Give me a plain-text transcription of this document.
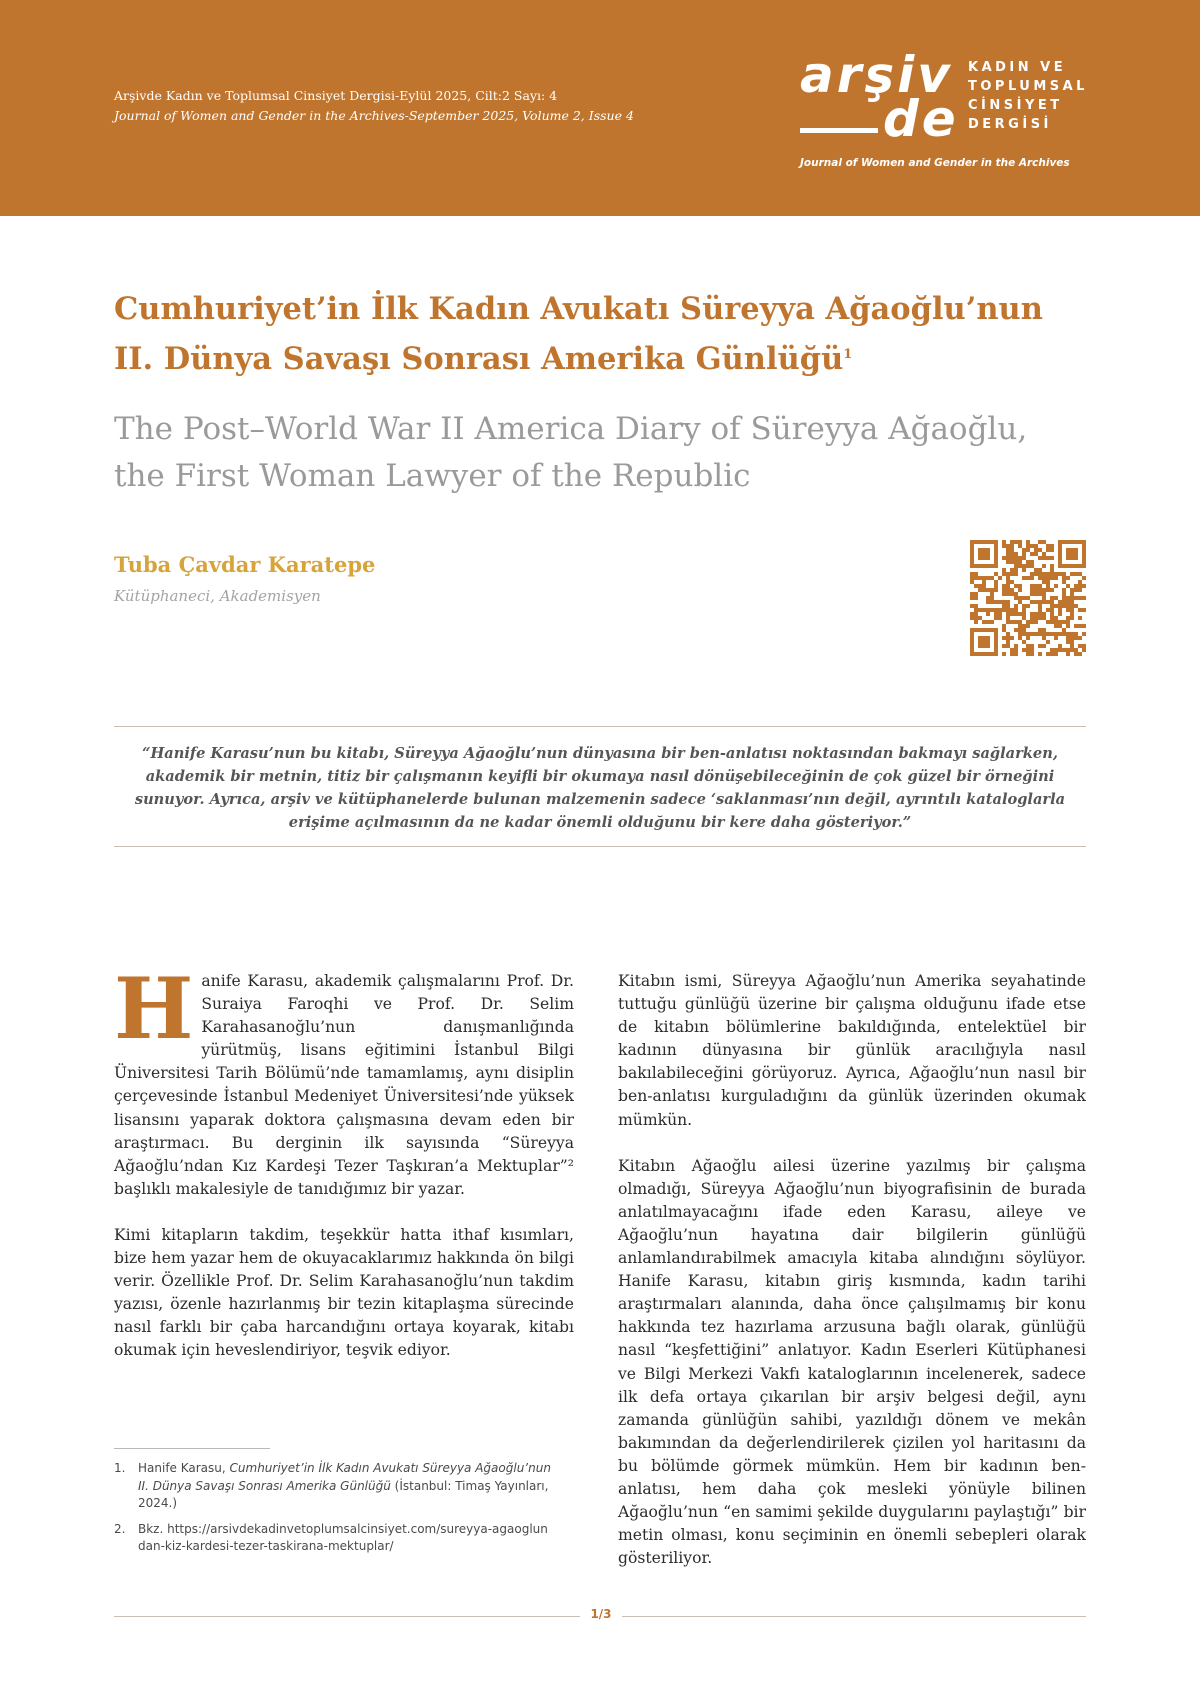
Arşivde Kadın ve Toplumsal Cinsiyet Dergisi-Eylül 2025, Cilt:2 Sayı: 4
Journal of Women and Gender in the Archives-September 2025, Volume 2, Issue 4
arşiv
de
KADIN VE
TOPLUMSAL
CİNSİYET
DERGİSİ
Journal of Women and Gender in the Archives
Cumhuriyet’in İlk Kadın Avukatı Süreyya Ağaoğlu’nun
II. Dünya Savaşı Sonrası Amerika Günlüğü$^1$
The Post–World War II America Diary of Süreyya Ağaoğlu,
the First Woman Lawyer of the Republic
Tuba Çavdar Karatepe
Kütüphaneci, Akademisyen
“Hanife Karasu’nun bu kitabı, Süreyya Ağaoğlu’nun dünyasına bir ben-anlatısı noktasından bakmayı sağlarken, akademik bir metnin, titiz bir çalışmanın keyifli bir okumaya nasıl dönüşebileceğinin de çok güzel bir örneğini sunuyor. Ayrıca, arşiv ve kütüphanelerde bulunan malzemenin sadece ‘saklanması’nın değil, ayrıntılı kataloglarla erişime açılmasının da ne kadar önemli olduğunu bir kere daha gösteriyor.”

Hanife Karasu, akademik çalışmalarını Prof. Dr. Suraiya Faroqhi ve Prof. Dr. Selim Karahasanoğlu’nun danışmanlığında yürütmüş, lisans eğitimini İstanbul Bilgi Üniversitesi Tarih Bölümü’nde tamamlamış, aynı disiplin çerçevesinde İstanbul Medeniyet Üniversitesi’nde yüksek lisansını yaparak doktora çalışmasına devam eden bir araştırmacı. Bu derginin ilk sayısında “Süreyya Ağaoğlu’ndan Kız Kardeşi Tezer Taşkıran’a Mektuplar”² başlıklı makalesiyle de tanıdığımız bir yazar.

Kimi kitapların takdim, teşekkür hatta ithaf kısımları, bize hem yazar hem de okuyacaklarımız hakkında ön bilgi verir. Özellikle Prof. Dr. Selim Karahasanoğlu’nun takdim yazısı, özenle hazırlanmış bir tezin kitaplaşma sürecinde nasıl farklı bir çaba harcandığını ortaya koyarak, kitabı okumak için heveslendiriyor, teşvik ediyor.

Kitabın ismi, Süreyya Ağaoğlu’nun Amerika seyahatinde tuttuğu günlüğü üzerine bir çalışma olduğunu ifade etse de kitabın bölümlerine bakıldığında, entelektüel bir kadının dünyasına bir günlük aracılığıyla nasıl bakılabileceğini görüyoruz. Ayrıca, Ağaoğlu’nun nasıl bir ben-anlatısı kurguladığını da günlük üzerinden okumak mümkün.

Kitabın Ağaoğlu ailesi üzerine yazılmış bir çalışma olmadığı, Süreyya Ağaoğlu’nun biyografisinin de burada anlatılmayacağını ifade eden Karasu, aileye ve Ağaoğlu’nun hayatına dair bilgilerin günlüğü anlamlandırabilmek amacıyla kitaba alındığını söylüyor. Hanife Karasu, kitabın giriş kısmında, kadın tarihi araştırmaları alanında, daha önce çalışılmamış bir konu hakkında tez hazırlama arzusuna bağlı olarak, günlüğü nasıl “keşfettiğini” anlatıyor. Kadın Eserleri Kütüphanesi ve Bilgi Merkezi Vakfı kataloglarının incelenerek, sadece ilk defa ortaya çıkarılan bir arşiv belgesi değil, aynı zamanda günlüğün sahibi, yazıldığı dönem ve mekân bakımından da değerlendirilerek çizilen yol haritasını da bu bölümde görmek mümkün. Hem bir kadının ben-anlatısı, hem daha çok mesleki yönüyle bilinen Ağaoğlu’nun “en samimi şekilde duygularını paylaştığı” bir metin olması, konu seçiminin en önemli sebepleri olarak gösteriliyor.

1.	Hanife Karasu, Cumhuriyet’in İlk Kadın Avukatı Süreyya Ağaoğlu’nun II. Dünya Savaşı Sonrası Amerika Günlüğü (İstanbul: Timaş Yayınları, 2024.)
2.	Bkz. https://arsivdekadinvetoplumsalcinsiyet.com/sureyya-agaoglundan-kiz-kardesi-tezer-taskirana-mektuplar/
1/3
